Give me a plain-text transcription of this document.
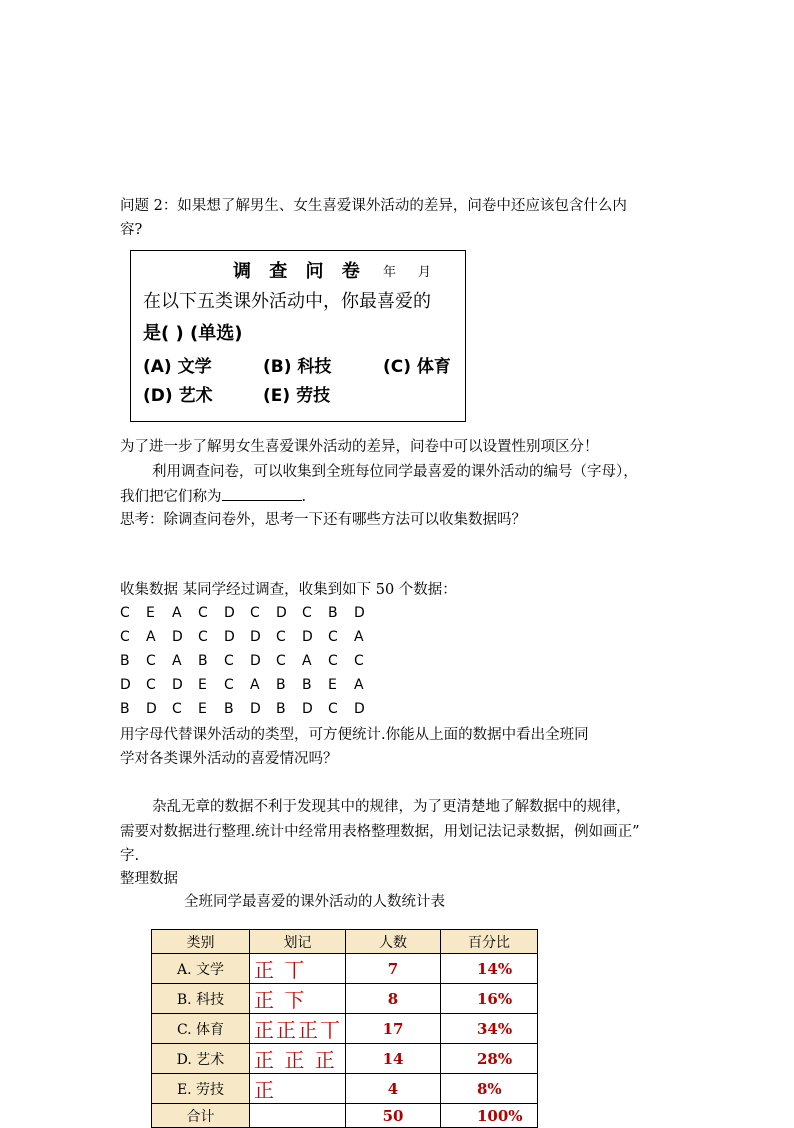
问题 2：如果想了解男生、女生喜爱课外活动的差异，问卷中还应该包含什么内
容?
调 查 问 卷 年 月
在以下五类课外活动中，你最喜爱的
是( ) (单选)
(A) 文学	(B) 科技	(C) 体育
(D) 艺术	(E) 劳技
为了进一步了解男女生喜爱课外活动的差异，问卷中可以设置性别项区分！
利用调查问卷，可以收集到全班每位同学最喜爱的课外活动的编号（字母），
我们把它们称为	.
思考：除调查问卷外，思考一下还有哪些方法可以收集数据吗？
收集数据 某同学经过调查，收集到如下 50 个数据：
C E A C D C D C B D
C A D C D D C D C A
B C A B C D C A C C
D C D E C A B B E A
B D C E B D B D C D
用字母代替课外活动的类型，可方便统计.你能从上面的数据中看出全班同
学对各类课外活动的喜爱情况吗？
杂乱无章的数据不利于发现其中的规律，为了更清楚地了解数据中的规律，
需要对数据进行整理.统计中经常用表格整理数据，用划记法记录数据，例如画正”
字.
整理数据
全班同学最喜爱的课外活动的人数统计表
类别	划记	人数	百分比
A. 文学	正 丅	7	14%
B. 科技	正 下	8	16%
C. 体育	正正正丅	17	34%
D. 艺术	正 正 正	14	28%
E. 劳技	正	4	8%
合计		50	100%
